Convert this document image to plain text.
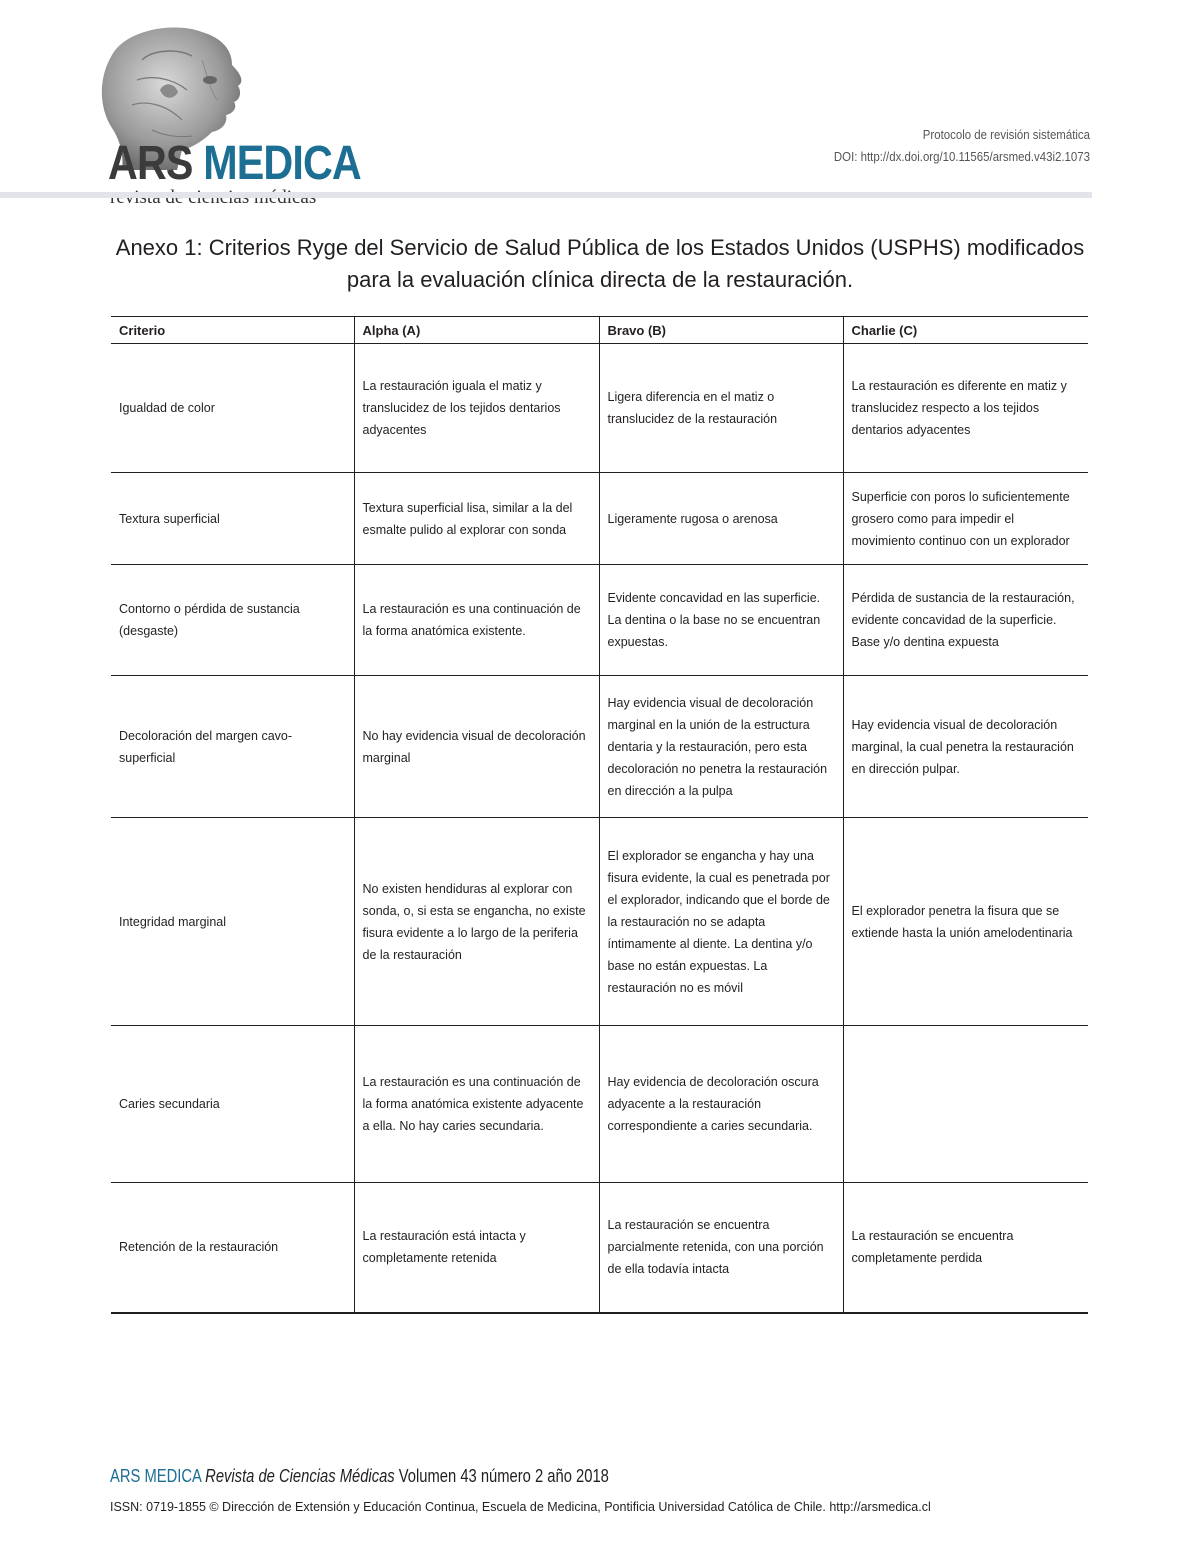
ARS MEDICA
Protocolo de revisión sistemática
DOI: http://dx.doi.org/10.11565/arsmed.v43i2.1073
Anexo 1: Criterios Ryge del Servicio de Salud Pública de los Estados Unidos (USPHS) modificados para la evaluación clínica directa de la restauración.
Criterio	Alpha (A)	Bravo (B)	Charlie (C)
Igualdad de color	La restauración iguala el matiz y translucidez de los tejidos dentarios adyacentes	Ligera diferencia en el matiz o translucidez de la restauración	La restauración es diferente en matiz y translucidez respecto a los tejidos dentarios adyacentes
Textura superficial	Textura superficial lisa, similar a la del esmalte pulido al explorar con sonda	Ligeramente rugosa o arenosa	Superficie con poros lo suficientemente grosero como para impedir el movimiento continuo con un explorador
Contorno o pérdida de sustancia (desgaste)	La restauración es una continuación de la forma anatómica existente.	Evidente concavidad en las superficie. La dentina o la base no se encuentran expuestas.	Pérdida de sustancia de la restauración, evidente concavidad de la superficie. Base y/o dentina expuesta
Decoloración del margen cavo-superficial	No hay evidencia visual de decoloración marginal	Hay evidencia visual de decoloración marginal en la unión de la estructura dentaria y la restauración, pero esta decoloración no penetra la restauración en dirección a la pulpa	Hay evidencia visual de decoloración marginal, la cual penetra la restauración en dirección pulpar.
Integridad marginal	No existen hendiduras al explorar con sonda, o, si esta se engancha, no existe fisura evidente a lo largo de la periferia de la restauración	El explorador se engancha y hay una fisura evidente, la cual es penetrada por el explorador, indicando que el borde de la restauración no se adapta íntimamente al diente. La dentina y/o base no están expuestas. La restauración no es móvil	El explorador penetra la fisura que se extiende hasta la unión amelodentinaria
Caries secundaria	La restauración es una continuación de la forma anatómica existente adyacente a ella. No hay caries secundaria.	Hay evidencia de decoloración oscura adyacente a la restauración correspondiente a caries secundaria.	
Retención de la restauración	La restauración está intacta y completamente retenida	La restauración se encuentra parcialmente retenida, con una porción de ella todavía intacta	La restauración se encuentra completamente perdida
ARS MEDICA Revista de Ciencias Médicas Volumen 43 número 2 año 2018
ISSN: 0719-1855 © Dirección de Extensión y Educación Continua, Escuela de Medicina, Pontificia Universidad Católica de Chile. http://arsmedica.cl
